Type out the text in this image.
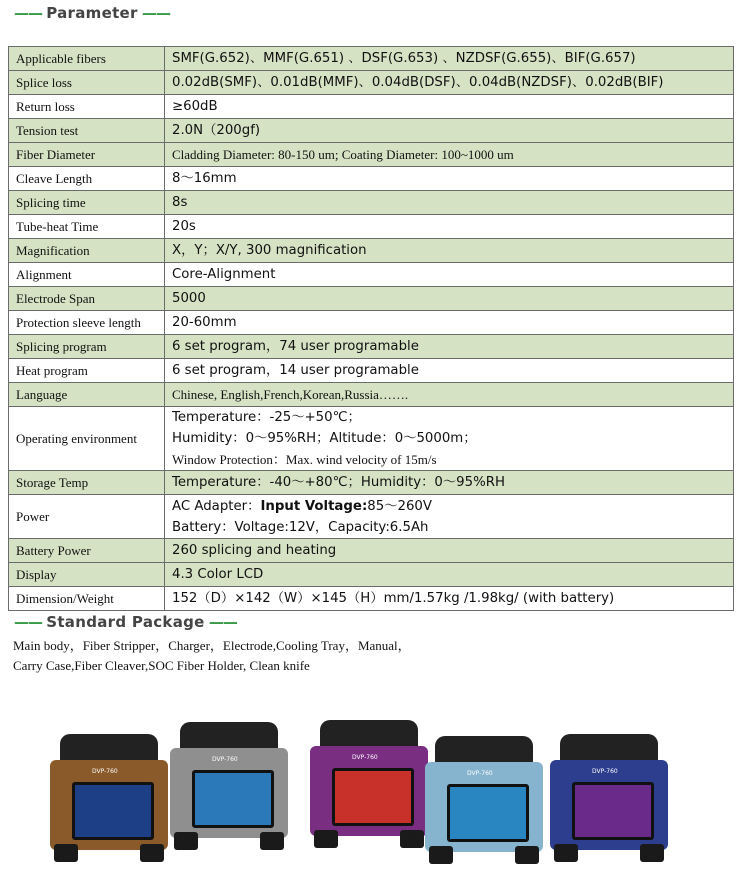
—— Parameter ——
Applicable fibers	SMF(G.652)、MMF(G.651) 、DSF(G.653) 、NZDSF(G.655)、BIF(G.657)
Splice loss	0.02dB(SMF)、0.01dB(MMF)、0.04dB(DSF)、0.04dB(NZDSF)、0.02dB(BIF)
Return loss	≥60dB
Tension test	2.0N（200gf)
Fiber Diameter	Cladding Diameter: 80-150 um; Coating Diameter: 100~1000 um
Cleave Length	8～16mm
Splicing time	8s
Tube-heat Time	20s
Magnification	X，Y；X/Y, 300 magnification
Alignment	Core-Alignment
Electrode Span	5000
Protection sleeve length	20-60mm
Splicing program	6 set program，74 user programable
Heat program	6 set program，14 user programable
Language	Chinese, English,French,Korean,Russia…….
Operating environment	Temperature：-25～+50℃；
Humidity：0～95%RH；Altitude：0～5000m；
Window Protection：Max. wind velocity of 15m/s

Storage Temp	Temperature：-40～+80℃；Humidity：0～95%RH
Power	AC Adapter：Input Voltage:85～260V
Battery：Voltage:12V，Capacity:6.5Ah

Battery Power	260 splicing and heating
Display	4.3 Color LCD
Dimension/Weight	152（D）×142（W）×145（H）mm/1.57kg /1.98kg/ (with battery)
—— Standard Package ——
Main body，Fiber Stripper，Charger，Electrode,Cooling Tray，Manual，
Carry Case,Fiber Cleaver,SOC Fiber Holder, Clean knife
DVP-760
DVP-760	DVP-760
DVP-760	DVP-760
